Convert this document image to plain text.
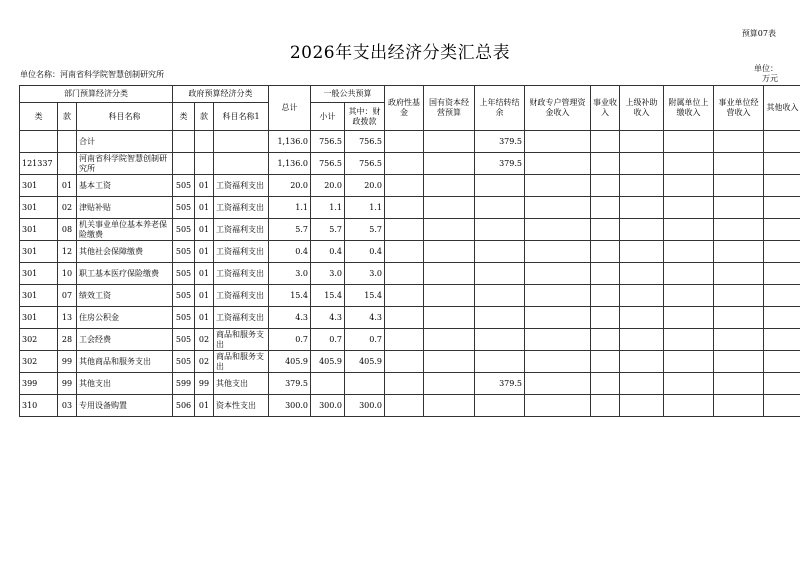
预算07表
2026年支出经济分类汇总表
单位名称：河南省科学院智慧创制研究所
单位：
万元
部门预算经济分类			政府预算经济分类			总计	一般公共预算		政府性基金	国有资本经营预算	上年结转结余	财政专户管理资金收入	事业收入	上级补助收入	附属单位上缴收入	事业单位经营收入	其他收入
类	款	科目名称	类	款	科目名称1		小计	其中：财政拨款									
		合计				1,136.0	756.5	756.5			379.5						
121337		河南省科学院智慧创制研究所				1,136.0	756.5	756.5			379.5						
301	01	基本工资	505	01	工资福利支出	20.0	20.0	20.0									
301	02	津贴补贴	505	01	工资福利支出	1.1	1.1	1.1									
301	08	机关事业单位基本养老保险缴费	505	01	工资福利支出	5.7	5.7	5.7									
301	12	其他社会保障缴费	505	01	工资福利支出	0.4	0.4	0.4									
301	10	职工基本医疗保险缴费	505	01	工资福利支出	3.0	3.0	3.0									
301	07	绩效工资	505	01	工资福利支出	15.4	15.4	15.4									
301	13	住房公积金	505	01	工资福利支出	4.3	4.3	4.3									
302	28	工会经费	505	02	商品和服务支出	0.7	0.7	0.7									
302	99	其他商品和服务支出	505	02	商品和服务支出	405.9	405.9	405.9									
399	99	其他支出	599	99	其他支出	379.5					379.5						
310	03	专用设备购置	506	01	资本性支出	300.0	300.0	300.0									
